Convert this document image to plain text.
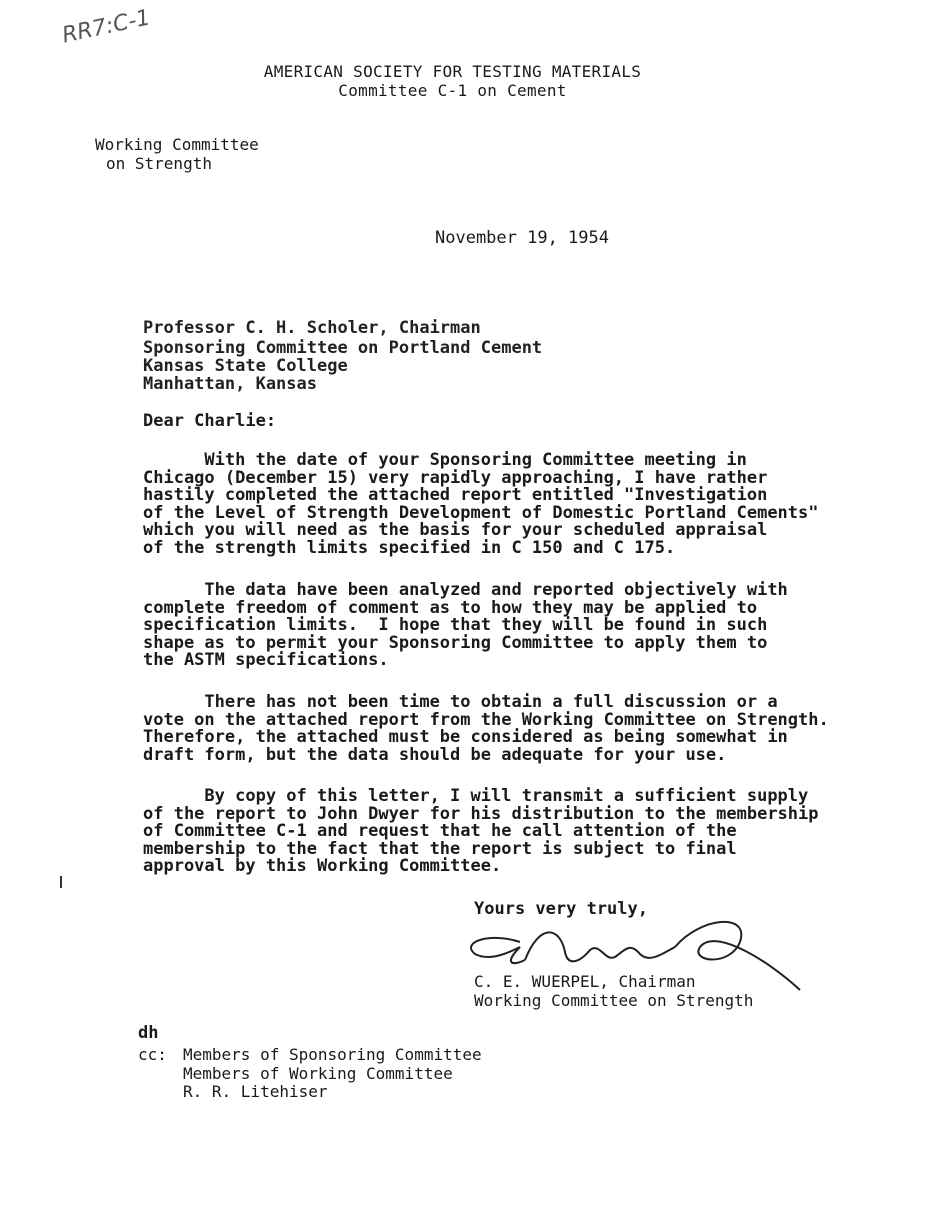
RR7:C-1
AMERICAN SOCIETY FOR TESTING MATERIALS
Committee C-1 on Cement
Working Committee
on Strength
November 19, 1954
Professor C. H. Scholer, Chairman
Sponsoring Committee on Portland Cement
Kansas State College
Manhattan, Kansas
Dear Charlie:
With the date of your Sponsoring Committee meeting in
Chicago (December 15) very rapidly approaching, I have rather
hastily completed the attached report entitled "Investigation
of the Level of Strength Development of Domestic Portland Cements"
which you will need as the basis for your scheduled appraisal
of the strength limits specified in C 150 and C 175.
The data have been analyzed and reported objectively with
complete freedom of comment as to how they may be applied to
specification limits.  I hope that they will be found in such
shape as to permit your Sponsoring Committee to apply them to
the ASTM specifications.
There has not been time to obtain a full discussion or a
vote on the attached report from the Working Committee on Strength.
Therefore, the attached must be considered as being somewhat in
draft form, but the data should be adequate for your use.
By copy of this letter, I will transmit a sufficient supply
of the report to John Dwyer for his distribution to the membership
of Committee C-1 and request that he call attention of the
membership to the fact that the report is subject to final
approval by this Working Committee.
Yours very truly,
C. E. WUERPEL, Chairman
Working Committee on Strength
dh
cc: Members of Sponsoring Committee
Members of Working Committee
R. R. Litehiser
